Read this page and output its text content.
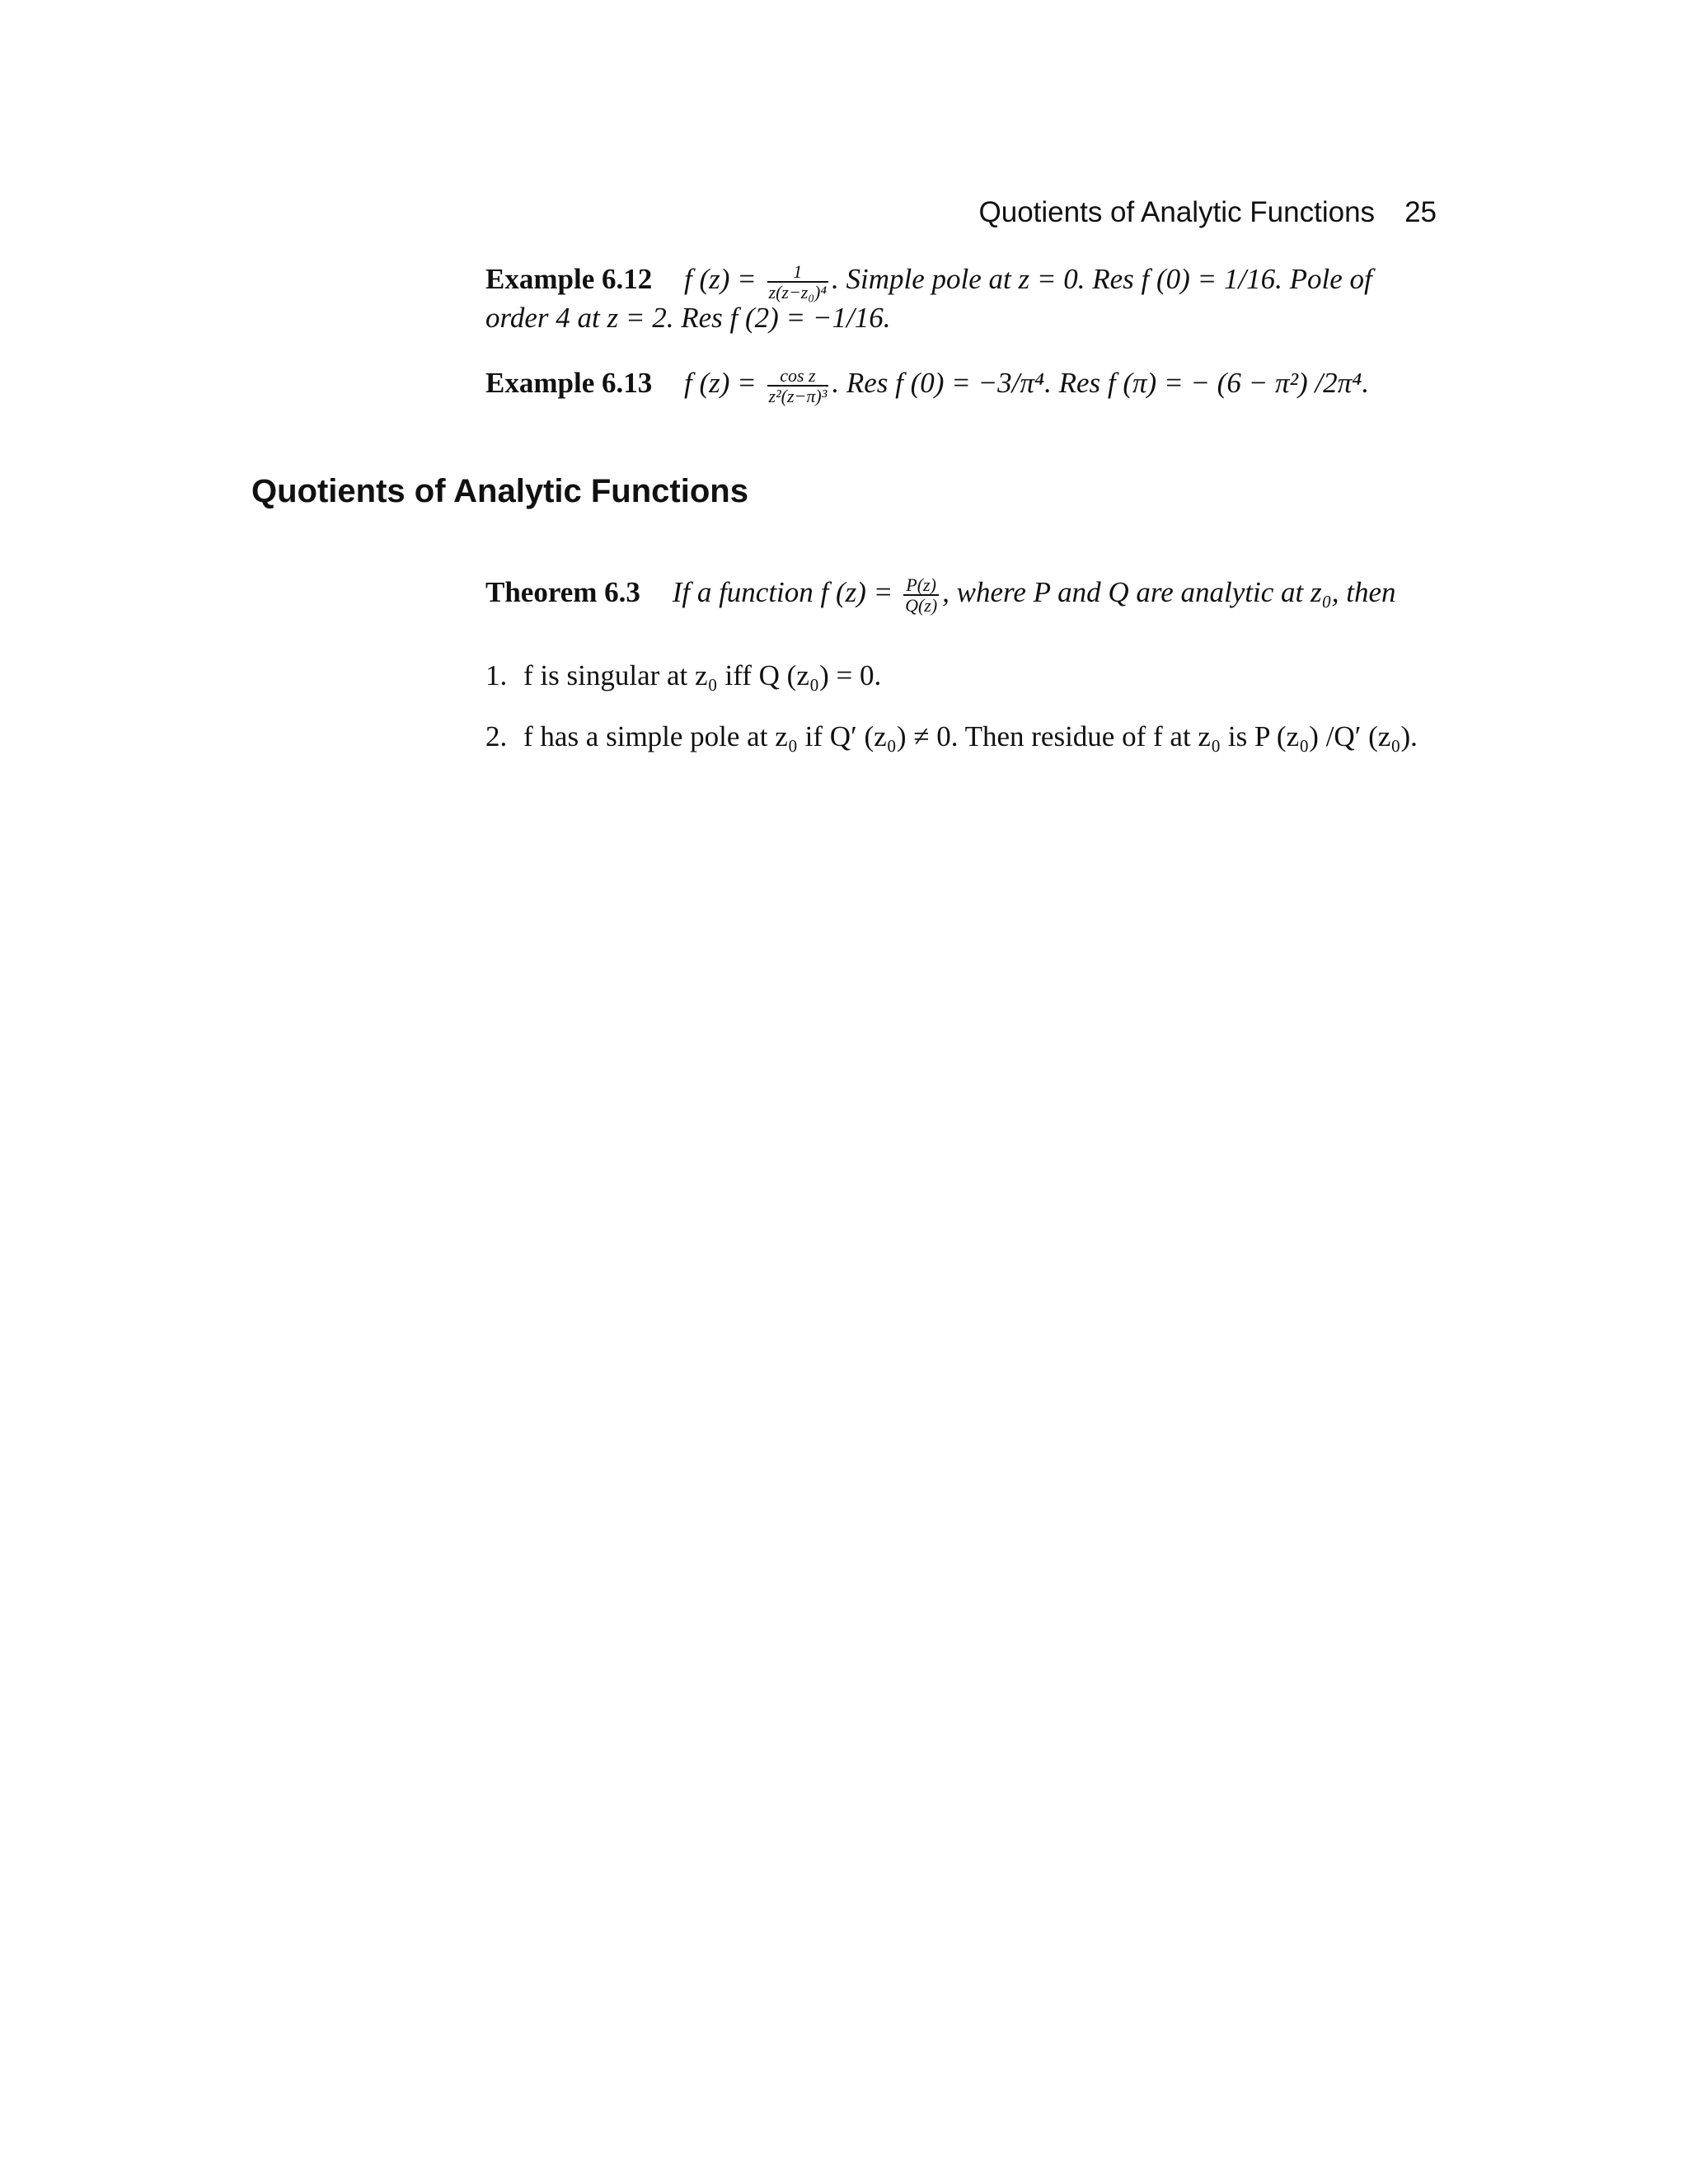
Quotients of Analytic Functions 25
Example 6.12 f $(z) = \frac{1}{\text{z(z−z₀)⁴}}$ . Simple pole at z = 0. Res f (0) = 1/16. Pole of
order 4 at z = 2. Res f (2) = −1/16.
Example 6.13 f $(z) = \frac{\text{cos z}}{\text{z²(z−π)³}}$ . Res f (0) = −3/π⁴. Res f (π) = − (6 − π²) /2π⁴.
Quotients of Analytic Functions
Theorem 6.3 If a function f $(z) = \frac{P(z)}{Q(z)}$ , where P and Q are analytic at z₀, then
1. f is singular at z₀ iff Q (z₀) = 0.
2. f has a simple pole at z₀ if Q′ (z₀) ≠ 0. Then residue of f at z₀ is P (z₀) /Q′ (z₀).
